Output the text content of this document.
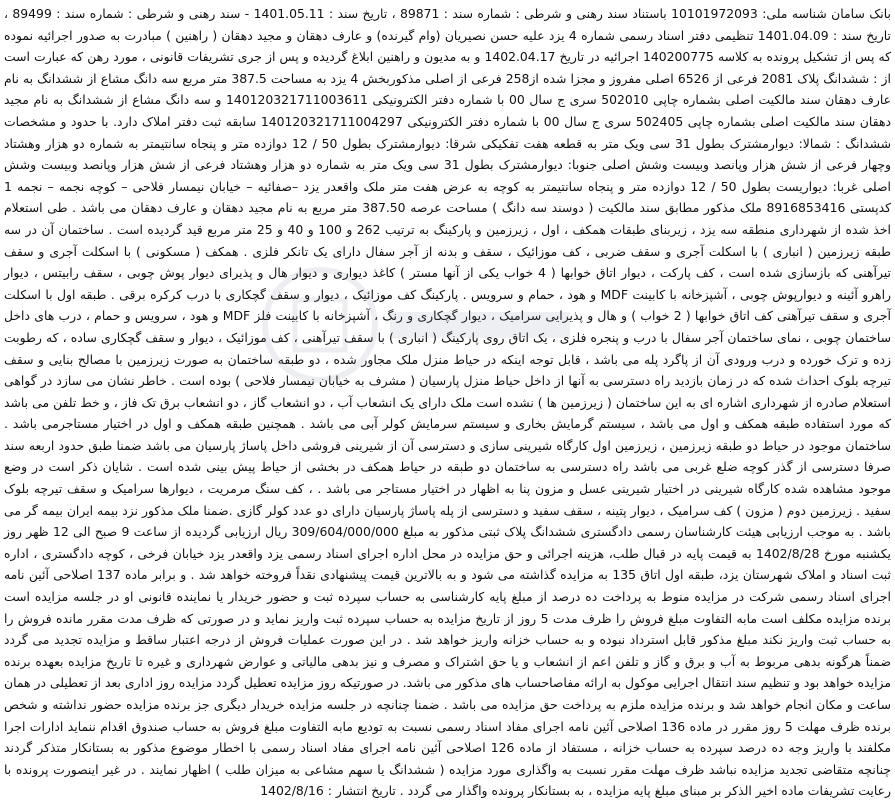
بانک سامان شناسه ملی: 10101972093 باستناد سند رهنی و شرطی : شماره سند : 89871 ، تاریخ سند : 1401.05.11 - سند رهنی و شرطی : شماره سند : 89499 ، تاریخ سند : 1401.04.09 تنظیمی دفتر اسناد رسمی شماره 4 یزد علیه حسن نصیریان (وام گیرنده) و عارف دهقان و مجید دهقان ( راهنین ) مبادرت به صدور اجرائیه نموده که پس از تشکیل پرونده به کلاسه 140200775 اجرائیه در تاریخ 1402.04.17 و به مدیون و راهنین ابلاغ گردیده و پس از جری تشریفات قانونی ، مورد رهن که عبارت است از : ششدانگ پلاک 2081 فرعی از 6526 اصلی مفروز و مجزا شده از258 فرعی از اصلی مذکوربخش 4 یزد به مساحت 387.5 متر مربع سه دانگ مشاع از ششدانگ به نام عارف دهقان سند مالکیت اصلی بشماره چاپی 502010 سری ج سال 00 با شماره دفتر الکترونیکی 140120321711003611 و سه دانگ مشاع از ششدانگ به نام مجید دهقان سند مالکیت اصلی بشماره چاپی 502405 سری ج سال 00 با شماره دفتر الکترونیکی 140120321711004297 سابقه ثبت دفتر املاک دارد. با حدود و مشخصات ششدانگ : شمالا: دیوارمشترک بطول 31 سی ویک متر به قطعه هفت تفکیکی شرقا: دیوارمشترک بطول 50 / 12 دوازده متر و پنجاه سانتیمتر به شماره دو هزار وهشتاد وچهار فرعی از شش هزار وپانصد وبیست وشش اصلی جنوبا: دیوارمشترک بطول 31 سی ویک متر به شماره دو هزار وهشتاد فرعی از شش هزار وپانصد وبیست وشش اصلی غربا: دیواریست بطول 50 / 12 دوازده متر و پنجاه سانتیمتر به کوچه به عرض هفت متر ملک واقعدر یزد –صفائیه – خیابان نیمسار فلاحی – کوچه نجمه – نجمه 1 کدپستی 8916853416 ملک مذکور مطابق سند مالکیت ( دوسند سه دانگ ) مساحت عرصه 387.50 متر مربع به نام مجید دهقان و عارف دهقان می باشد . طی استعلام اخذ شده از شهرداری منطقه سه یزد ، زیربنای طبقات همکف ، اول ، زیرزمین و پارکینگ به ترتیب 262 و 100 و 40 و 25 متر مربع قید گردیده است . ساختمان آن در سه طبقه زیرزمین ( انباری ) با اسکلت آجری و سقف ضربی ، کف موزائیک ، سقف و بدنه از آجر سفال دارای یک تانکر فلزی . همکف ( مسکونی ) با اسکلت آجری و سقف تیرآهنی که بازسازی شده است ، کف پارکت ، دیوار اتاق خوابها ( 4 خواب یکی از آنها مستر ) کاغذ دیواری و دیوار هال و پذیرای دیوار پوش چوبی ، سقف رابیتس ، دیوار راهرو آئینه و دیوارپوش چوبی ، آشپزخانه با کابینت MDF و هود ، حمام و سرویس . پارکینگ کف موزائیک ، دیوار و سقف گچکاری با درب کرکره برقی . طبقه اول با اسکلت آجری و سقف تیرآهنی کف اتاق خوابها ( 2 خواب ) و هال و پذیرایی سرامیک ، دیوار گچکاری و رنگ ، آشپزخانه با کابینت فلز MDF و هود ، سرویس و حمام ، درب های داخل ساختمان چوبی ، نمای ساختمان آجر سفال با درب و پنجره فلزی ، یک اتاق روی پارکینگ ( انباری ) با سقف تیرآهنی ، کف موزائیک ، دیوار و سقف گچکاری ساده ، که رطوبت زده و ترک خورده و درب ورودی آن از پاگرد پله می باشد ، قابل توجه اینکه در حیاط منزل ملک مجاور شده ، دو طبقه ساختمان به صورت زیرزمین با مصالح بنایی و سقف تیرچه بلوک احداث شده که در زمان بازدید راه دسترسی به آنها از داخل حیاط منزل پارسیان ( مشرف به خیابان نیمسار فلاحی ) بوده است . خاطر نشان می سازد در گواهی استعلام صادره از شهرداری اشاره ای به این ساختمان ( زیرزمین ها ) نشده است ملک دارای یک انشعاب آب ، دو انشعاب گاز ، دو انشعاب برق تک فاز ، و خط تلفن می باشد که مورد استفاده طبقه همکف و اول می باشد ، سیستم گرمایش بخاری و سیستم سرمایش کولر آبی می باشد . همچنین طبقه همکف و اول در اختیار مستاجرمی باشد . ساختمان موجود در حیاط دو طبقه زیرزمین ، زیرزمین اول کارگاه شیرینی سازی و دسترسی آن از شیرینی فروشی داخل پاساژ پارسیان می باشد ضمنا طبق حدود اربعه سند صرفا دسترسی از گذر کوچه ضلع غربی می باشد راه دسترسی به ساختمان دو طبقه در حیاط همکف در بخشی از حیاط پیش بینی شده است . شایان ذکر است در وضع موجود مشاهده شده کارگاه شیرینی در اختیار شیرینی عسل و مزون پنا به اظهار در اختیار مستاجر می باشد . ، کف سنگ مرمریت ، دیوارها سرامیک و سقف تیرچه بلوک سفید . زیرزمین دوم ( مزون ) کف سرامیک ، دیوار پتینه ، سقف سفید و دسترسی از پله پاساژ پارسیان دارای دو عدد کولر گازی .ضمنا ملک مذکور نزد بیمه ایران بیمه گر می باشد . به موجب ارزیابی هیئت کارشناسان رسمی دادگستری ششدانگ پلاک ثبتی مذکور به مبلغ 309/604/000/000 ریال ارزیابی گردیده از ساعت 9 صبح الی 12 ظهر روز یکشنبه مورخ 1402/8/28 به قیمت پایه در قبال طلب، هزینه اجرائی و حق مزایده در محل اداره اجرای اسناد رسمی یزد واقعدر یزد خیابان فرخی ، کوچه دادگستری ، اداره ثبت اسناد و املاک شهرستان یزد، طبقه اول اتاق 135 به مزایده گذاشته می شود و به بالاترین قیمت پیشنهادی نقداً فروخته خواهد شد . و برابر ماده 137 اصلاحی آئین نامه اجرای اسناد رسمی شرکت در مزایده منوط به پرداخت ده درصد از مبلغ پایه کارشناسی به حساب سپرده ثبت و حضور خریدار یا نماینده قانونی او در جلسه مزایده است برنده مزایده مکلف است مابه التفاوت مبلغ فروش را ظرف مدت 5 روز از تاریخ مزایده به حساب سپرده ثبت واریز نماید و در صورتی که ظرف مدت مقرر مانده فروش را به حساب ثبت واریز نکند مبلغ مذکور قابل استرداد نبوده و به حساب خزانه واریز خواهد شد . در این صورت عملیات فروش از درجه اعتبار ساقط و مزایده تجدید می گردد ضمناً هرگونه بدهی مربوط به آب و برق و گاز و تلفن اعم از انشعاب و یا حق اشتراک و مصرف و نیز بدهی مالیاتی و عوارض شهرداری و غیره تا تاریخ مزایده بعهده برنده مزایده خواهد بود و تنظیم سند انتقال اجرایی موکول به ارائه مفاصاحساب های مذکور می باشد. در صورتیکه روز مزایده تعطیل گردد مزایده روز اداری بعد از تعطیلی در همان ساعت و مکان انجام خواهد شد و برنده مزایده ملزم به پرداخت حق مزایده می باشد . ضمنا چنانچه در جلسه مزایده خریدار دیگری جز برنده مزایده حضور نداشته و شخص برنده ظرف مهلت 5 روز مقرر در ماده 136 اصلاحی آئین نامه اجرای مفاد اسناد رسمی نسبت به تودیع مابه التفاوت مبلغ فروش به حساب صندوق اقدام ننماید ادارات اجرا مکلفند با واریز وجه ده درصد سپرده به حساب خزانه ، مستفاد از ماده 126 اصلاحی آئین نامه اجرای مفاد اسناد رسمی با اخطار موضوع مذکور به بستانکار متذکر گردند چنانچه متقاضی تجدید مزایده نباشد ظرف مهلت مقرر نسبت به واگذاری مورد مزایده ( ششدانگ یا سهم مشاعی به میزان طلب ) اظهار نمایند . در غیر اینصورت پرونده با رعایت تشریفات ماده اخیر الذکر بر مبنای مبلغ پایه مزایده ، به بستانکار پرونده واگذار می گردد . تاریخ انتشار : 1402/8/16
